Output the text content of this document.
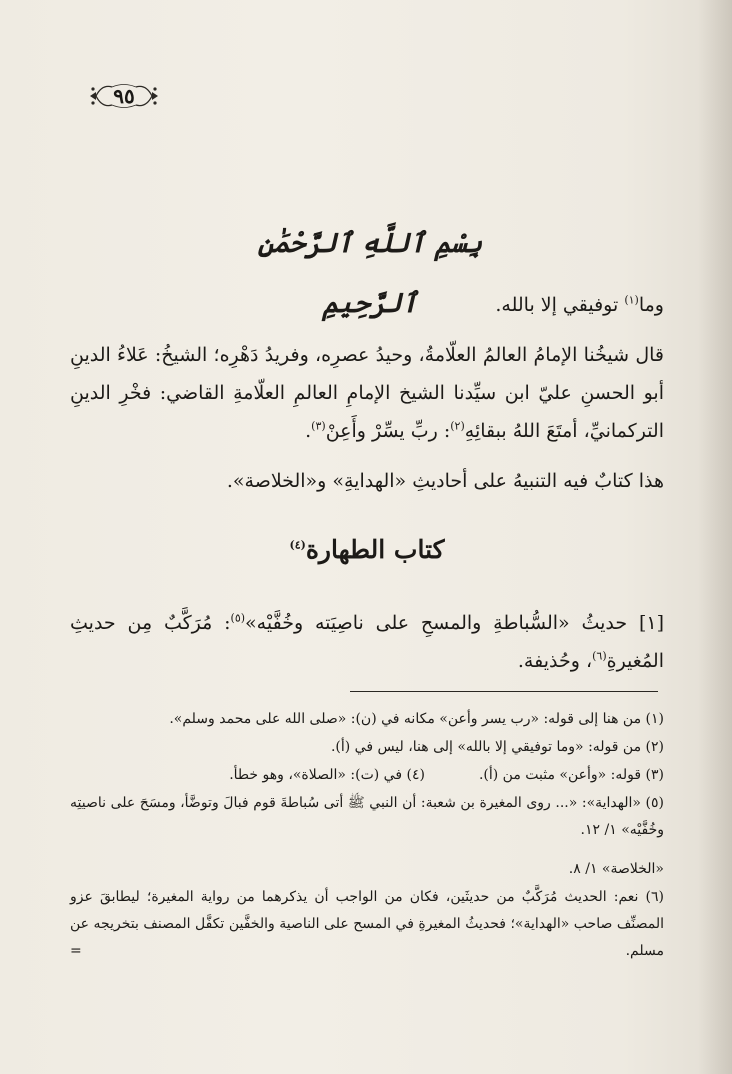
٩٥
بِسْمِ ٱللَّهِ ٱلرَّحْمَٰنِ ٱلرَّحِيمِ	وما$^{(١)}$ توفيقي إلا بالله.

قال شيخُنا الإمامُ العالمُ العلّامةُ، وحيدُ عصرِه، وفريدُ دَهْرِه؛ الشيخُ: عَلاءُ الدينِ أبو الحسنِ عليّ ابن سيِّدنا الشيخ الإمامِ العالمِ العلّامةِ القاضي: فخْرِ الدينِ التركمانيِّ، أمتَعَ اللهُ ببقائِهِ$^{(٢)}$: ربِّ يسِّرْ وأَعِنْ$^{(٣)}$.

هذا كتابٌ فيه التنبيهُ على أحاديثِ «الهدايةِ» و«الخلاصة».

كتاب الطهارة$^{(٤)}$

[١] حديثُ «السُّباطةِ والمسحِ على ناصِيَته وخُفَّيْه»$^{(٥)}$: مُرَكَّبٌ مِن حديثِ المُغيرةِ$^{(٦)}$، وحُذيفة.

(١) من هنا إلى قوله: «رب يسر وأعن» مكانه في (ن): «صلى الله على محمد وسلم».
(٢) من قوله: «وما توفيقي إلا بالله» إلى هنا، ليس في (أ).
(٣) قوله: «وأعن» مثبت من (أ).
(٤) في (ت): «الصلاة»، وهو خطأ.
(٥) «الهداية»: «... روى المغيرة بن شعبة: أن النبي ﷺ أتى سُباطةَ قوم فبالَ وتوضَّأ، ومسَحَ على ناصيتِه وخُفَّيْه» ١/ ١٢.
«الخلاصة» ١/ ٨.
(٦) نعم: الحديث مُرَكَّبٌ من حديثَين، فكان من الواجب أن يذكرهما من رواية المغيرة؛ ليطابقَ عزو المصنِّف صاحب «الهداية»؛ فحديثُ المغيرةِ في المسح على الناصية والخفَّين تكفَّل المصنف بتخريجه عن مسلم.
=
